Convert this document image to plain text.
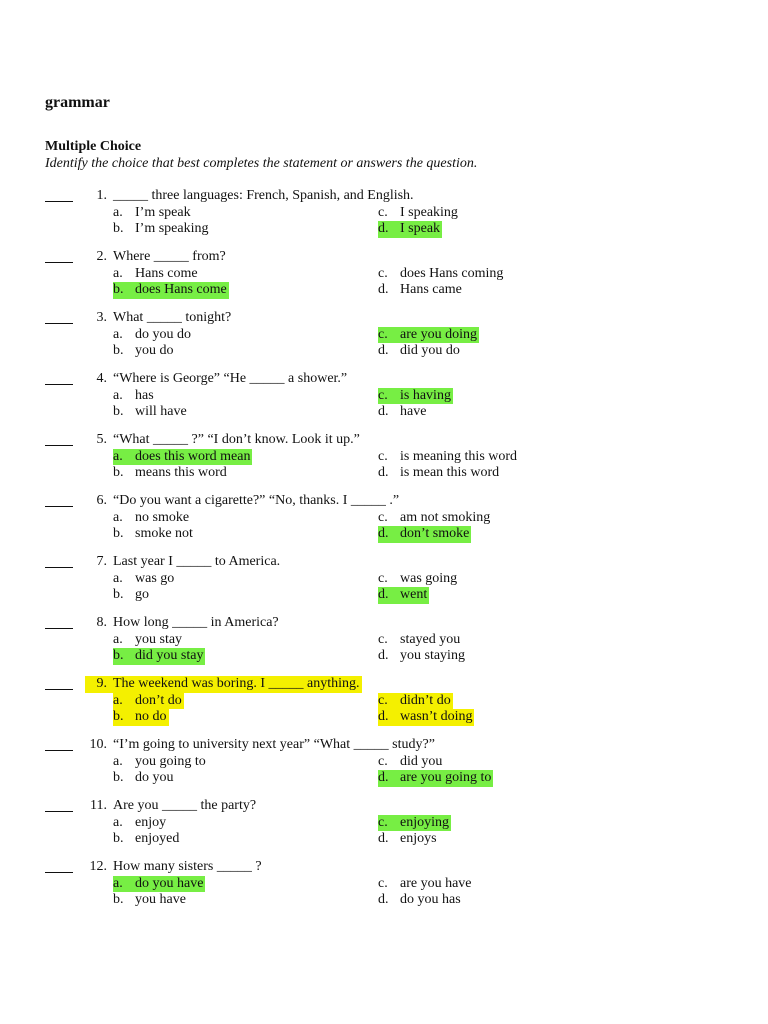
grammar
Multiple Choice
Identify the choice that best completes the statement or answers the question.
1. _____ three languages: French, Spanish, and English.
a. I’m speak
b. I’m speaking
c. I speaking
d. I speak
2. Where _____ from?
a. Hans come
b. does Hans come
c. does Hans coming
d. Hans came
3. What _____ tonight?
a. do you do
b. you do
c. are you doing
d. did you do
4. “Where is George” “He _____ a shower.”
a. has
b. will have
c. is having
d. have
5. “What _____ ?” “I don’t know. Look it up.”
a. does this word mean
b. means this word
c. is meaning this word
d. is mean this word
6. “Do you want a cigarette?” “No, thanks. I _____ .”
a. no smoke
b. smoke not
c. am not smoking
d. don’t smoke
7. Last year I _____ to America.
a. was go
b. go
c. was going
d. went
8. How long _____ in America?
a. you stay
b. did you stay
c. stayed you
d. you staying
9. The weekend was boring. I _____ anything.
a. don’t do
b. no do
c. didn’t do
d. wasn’t doing
10. “I’m going to university next year” “What _____ study?”
a. you going to
b. do you
c. did you
d. are you going to
11. Are you _____ the party?
a. enjoy
b. enjoyed
c. enjoying
d. enjoys
12. How many sisters _____ ?
a. do you have
b. you have
c. are you have
d. do you has
